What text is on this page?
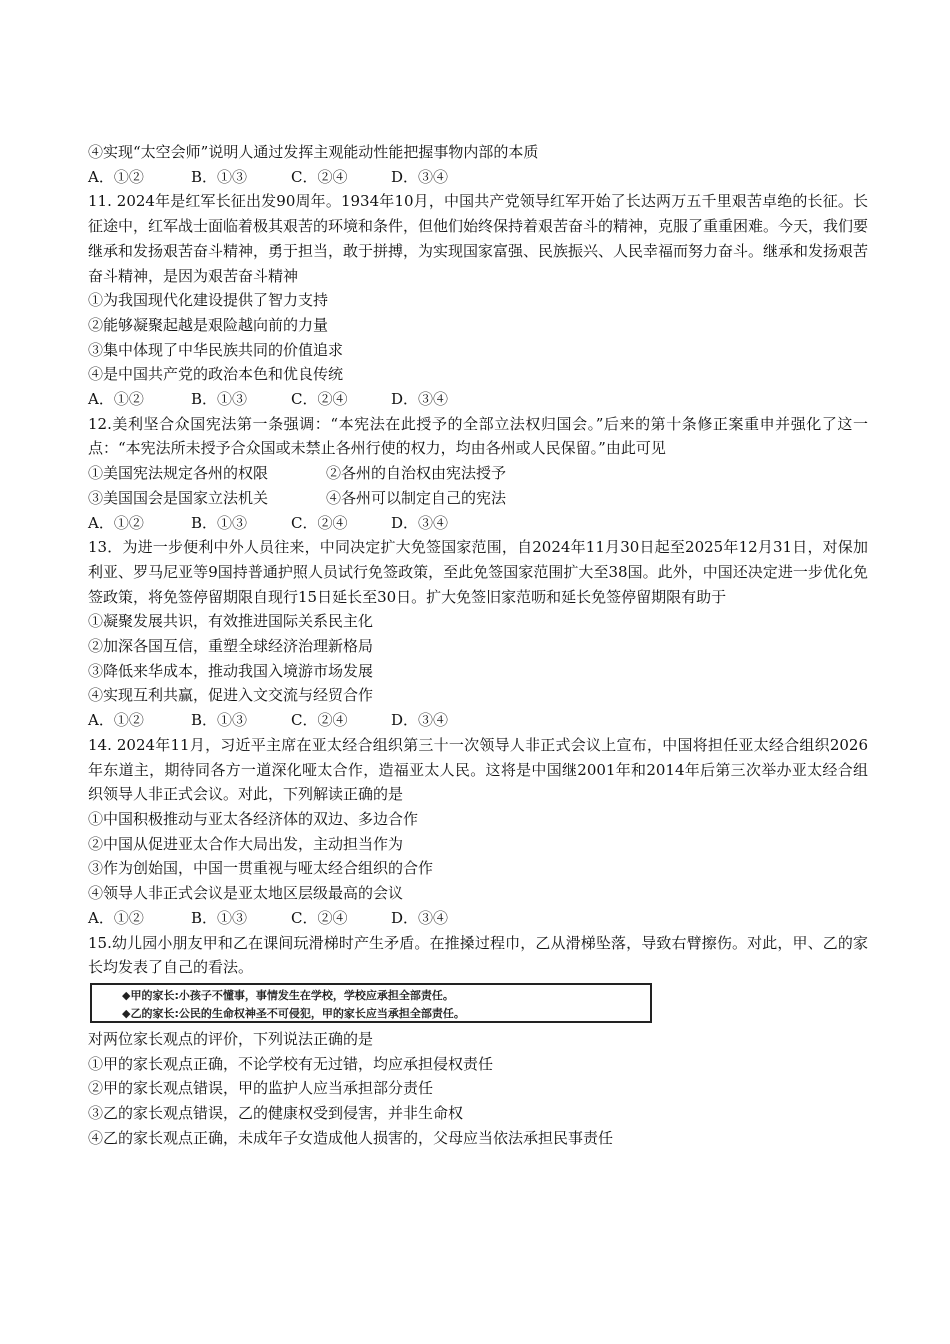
④实现“太空会师”说明人通过发挥主观能动性能把握事物内部的本质
A．①②	B．①③	C．②④	D．③④
11. 2024年是红军长征出发90周年。1934年10月，中国共产党领导红军开始了长达两万五千里艰苦卓绝的长征。长征途中，红军战士面临着极其艰苦的环境和条件，但他们始终保持着艰苦奋斗的精神，克服了重重困难。今天，我们要继承和发扬艰苦奋斗精神，勇于担当，敢于拼搏，为实现国家富强、民族振兴、人民幸福而努力奋斗。继承和发扬艰苦奋斗精神，是因为艰苦奋斗精神
①为我国现代化建设提供了智力支持
②能够凝聚起越是艰险越向前的力量
③集中体现了中华民族共同的价值追求
④是中国共产党的政治本色和优良传统
A．①②	B．①③	C．②④	D．③④
12.美利坚合众国宪法第一条强调：“本宪法在此授予的全部立法权归国会。”后来的第十条修正案重申并强化了这一点：“本宪法所未授予合众国或未禁止各州行使的权力，均由各州或人民保留。”由此可见
①美国宪法规定各州的权限	②各州的自治权由宪法授予
③美国国会是国家立法机关	④各州可以制定自己的宪法
A．①②	B．①③	C．②④	D．③④
13．为进一步便利中外人员往来，中同决定扩大免签国家范围，自2024年11月30日起至2025年12月31日，对保加利亚、罗马尼亚等9国持普通护照人员试行免签政策，至此免签国家范围扩大至38国。此外，中国还决定进一步优化免签政策，将免签停留期限自现行15日延长至30日。扩大免签旧家范呖和延长免签停留期限有助于
①凝聚发展共识，有效推进国际关系民主化
②加深各国互信，重塑全球经济治理新格局
③降低来华成本，推动我国入境游市场发展
④实现互利共赢，促进入文交流与经贸合作
A．①②	B．①③	C．②④	D．③④
14. 2024年11月，习近平主席在亚太经合组织第三十一次领导人非正式会议上宣布，中国将担任亚太经合组织2026年东道主，期待同各方一道深化哑太合作，造福亚太人民。这将是中国继2001年和2014年后第三次举办亚太经合组织领导人非正式会议。对此，下列解读正确的是
①中国积极推动与亚太各经济体的双边、多边合作
②中国从促进亚太合作大局出发，主动担当作为
③作为创始国，中国一贯重视与哑太经合组织的合作
④领导人非正式会议是亚太地区层级最高的会议
A．①②	B．①③	C．②④	D．③④
15.幼儿园小朋友甲和乙在课间玩滑梯时产生矛盾。在推搡过程巾，乙从滑梯坠落，导致右臂擦伤。对此，甲、乙的家长均发表了自己的看法。
◆甲的家长:小孩子不懂事，事情发生在学校，学校应承担全部责任。
◆乙的家长:公民的生命权神圣不可侵犯，甲的家长应当承担全部责任。
对两位家长观点的评价，下列说法正确的是
①甲的家长观点正确，不论学校有无过错，均应承担侵权责任
②甲的家长观点错误，甲的监护人应当承担部分责任
③乙的家长观点错误，乙的健康权受到侵害，并非生命权
④乙的家长观点正确，未成年子女造成他人损害的，父母应当依法承担民事责任
